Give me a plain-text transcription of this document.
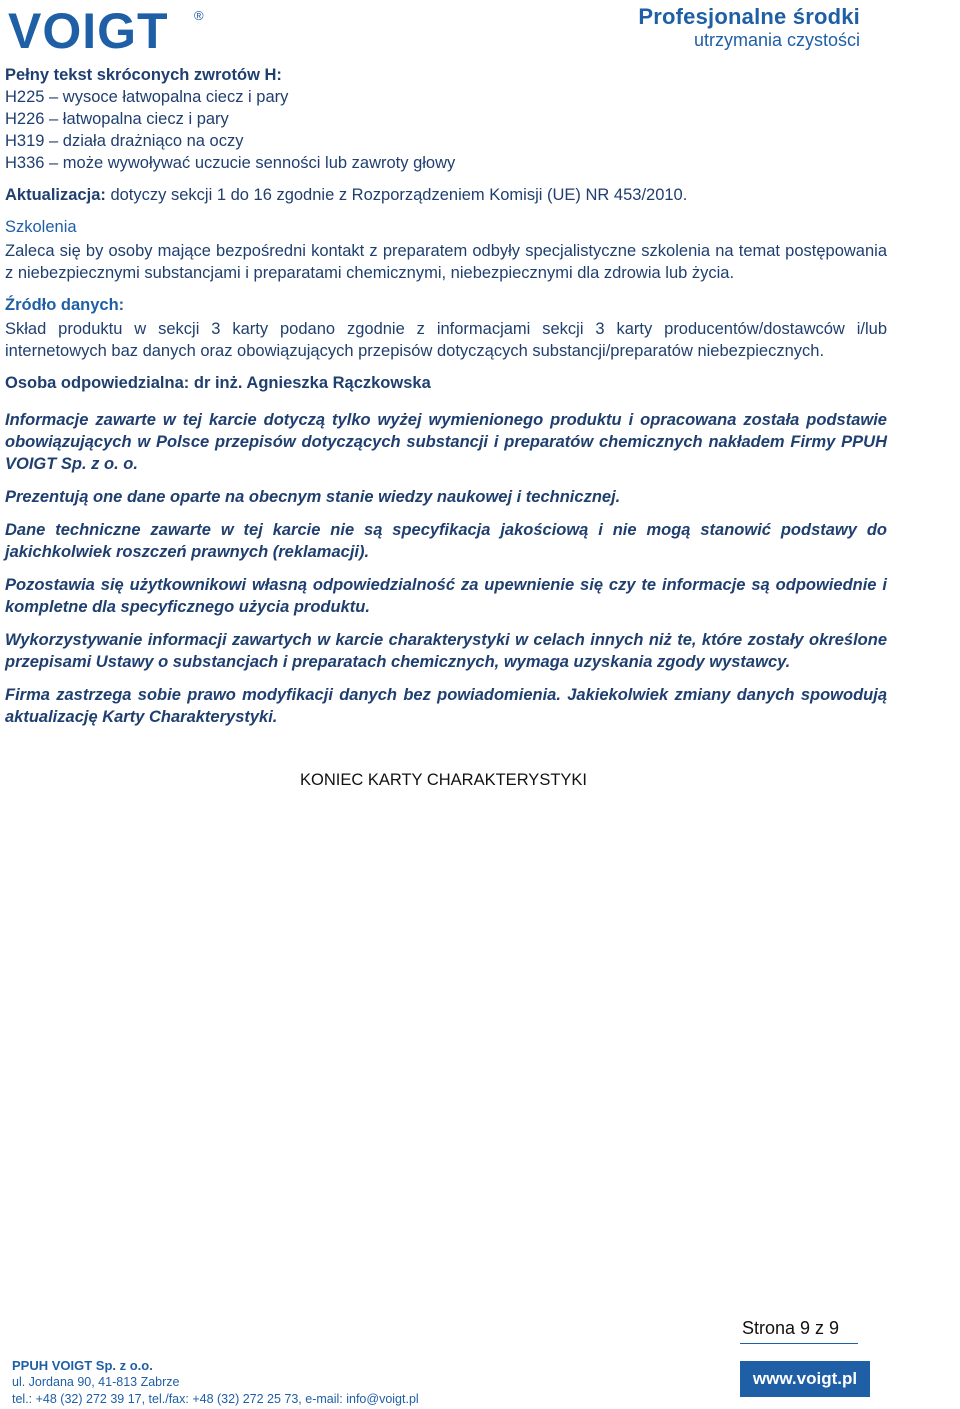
VOIGT ®	Profesjonalne środki
utrzymania czystości
Pełny tekst skróconych zwrotów H:
H225 – wysoce łatwopalna ciecz i pary
H226 – łatwopalna ciecz i pary
H319 – działa drażniąco na oczy
H336 – może wywoływać uczucie senności lub zawroty głowy
Aktualizacja: dotyczy sekcji 1 do 16 zgodnie z Rozporządzeniem Komisji (UE) NR 453/2010.
Szkolenia
Zaleca się by osoby mające bezpośredni kontakt z preparatem odbyły specjalistyczne szkolenia na temat postępowania z niebezpiecznymi substancjami i preparatami chemicznymi, niebezpiecznymi dla zdrowia lub życia.
Źródło danych:
Skład produktu w sekcji 3 karty podano zgodnie z informacjami sekcji 3 karty producentów/dostawców i/lub internetowych baz danych oraz obowiązujących przepisów dotyczących substancji/preparatów niebezpiecznych.
Osoba odpowiedzialna: dr inż. Agnieszka Rączkowska
Informacje zawarte w tej karcie dotyczą tylko wyżej wymienionego produktu i opracowana została podstawie obowiązujących w Polsce przepisów dotyczących substancji i preparatów chemicznych nakładem Firmy PPUH VOIGT Sp. z o. o.
Prezentują one dane oparte na obecnym stanie wiedzy naukowej i technicznej.
Dane techniczne zawarte w tej karcie nie są specyfikacja jakościową i nie mogą stanowić podstawy do jakichkolwiek roszczeń prawnych (reklamacji).
Pozostawia się użytkownikowi własną odpowiedzialność za upewnienie się czy te informacje są odpowiednie i kompletne dla specyficznego użycia produktu.
Wykorzystywanie informacji zawartych w karcie charakterystyki w celach innych niż te, które zostały określone przepisami Ustawy o substancjach i preparatach chemicznych, wymaga uzyskania zgody wystawcy.
Firma zastrzega sobie prawo modyfikacji danych bez powiadomienia. Jakiekolwiek zmiany danych spowodują aktualizację Karty Charakterystyki.
KONIEC KARTY CHARAKTERYSTYKI
Strona 9 z 9
PPUH VOIGT Sp. z o.o.
ul. Jordana 90, 41-813 Zabrze
tel.: +48 (32) 272 39 17, tel./fax: +48 (32) 272 25 73, e-mail: info@voigt.pl
www.voigt.pl
